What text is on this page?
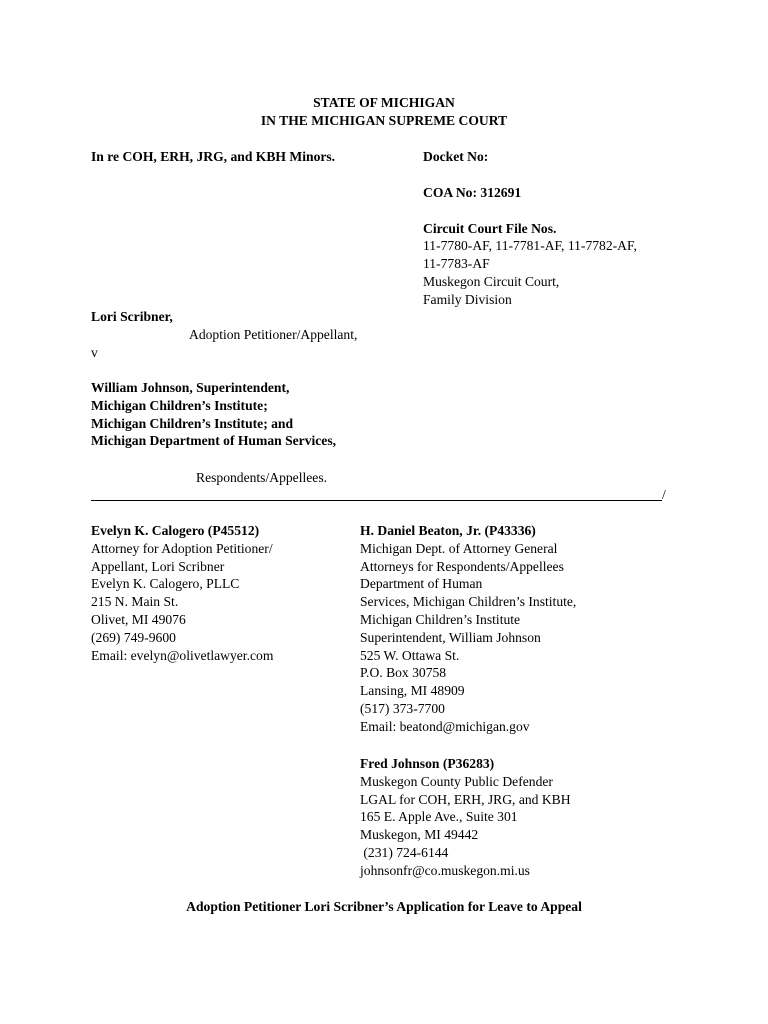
STATE OF MICHIGAN
IN THE MICHIGAN SUPREME COURT
In re COH, ERH, JRG, and KBH Minors.	Docket No:
COA No: 312691
Circuit Court File Nos.
11-7780-AF, 11-7781-AF, 11-7782-AF,
11-7783-AF
Muskegon Circuit Court,
Family Division
Lori Scribner,
Adoption Petitioner/Appellant,
v
William Johnson, Superintendent,
Michigan Children’s Institute;
Michigan Children’s Institute; and
Michigan Department of Human Services,
Respondents/Appellees.
/
Evelyn K. Calogero (P45512)
Attorney for Adoption Petitioner/
Appellant, Lori Scribner
Evelyn K. Calogero, PLLC
215 N. Main St.
Olivet, MI 49076
(269) 749-9600
Email: evelyn@olivetlawyer.com
H. Daniel Beaton, Jr. (P43336)
Michigan Dept. of Attorney General
Attorneys for Respondents/Appellees
Department of Human
Services, Michigan Children’s Institute,
Michigan Children’s Institute
Superintendent, William Johnson
525 W. Ottawa St.
P.O. Box 30758
Lansing, MI 48909
(517) 373-7700
Email: beatond@michigan.gov
Fred Johnson (P36283)
Muskegon County Public Defender
LGAL for COH, ERH, JRG, and KBH
165 E. Apple Ave., Suite 301
Muskegon, MI 49442
(231) 724-6144
johnsonfr@co.muskegon.mi.us
Adoption Petitioner Lori Scribner’s Application for Leave to Appeal
